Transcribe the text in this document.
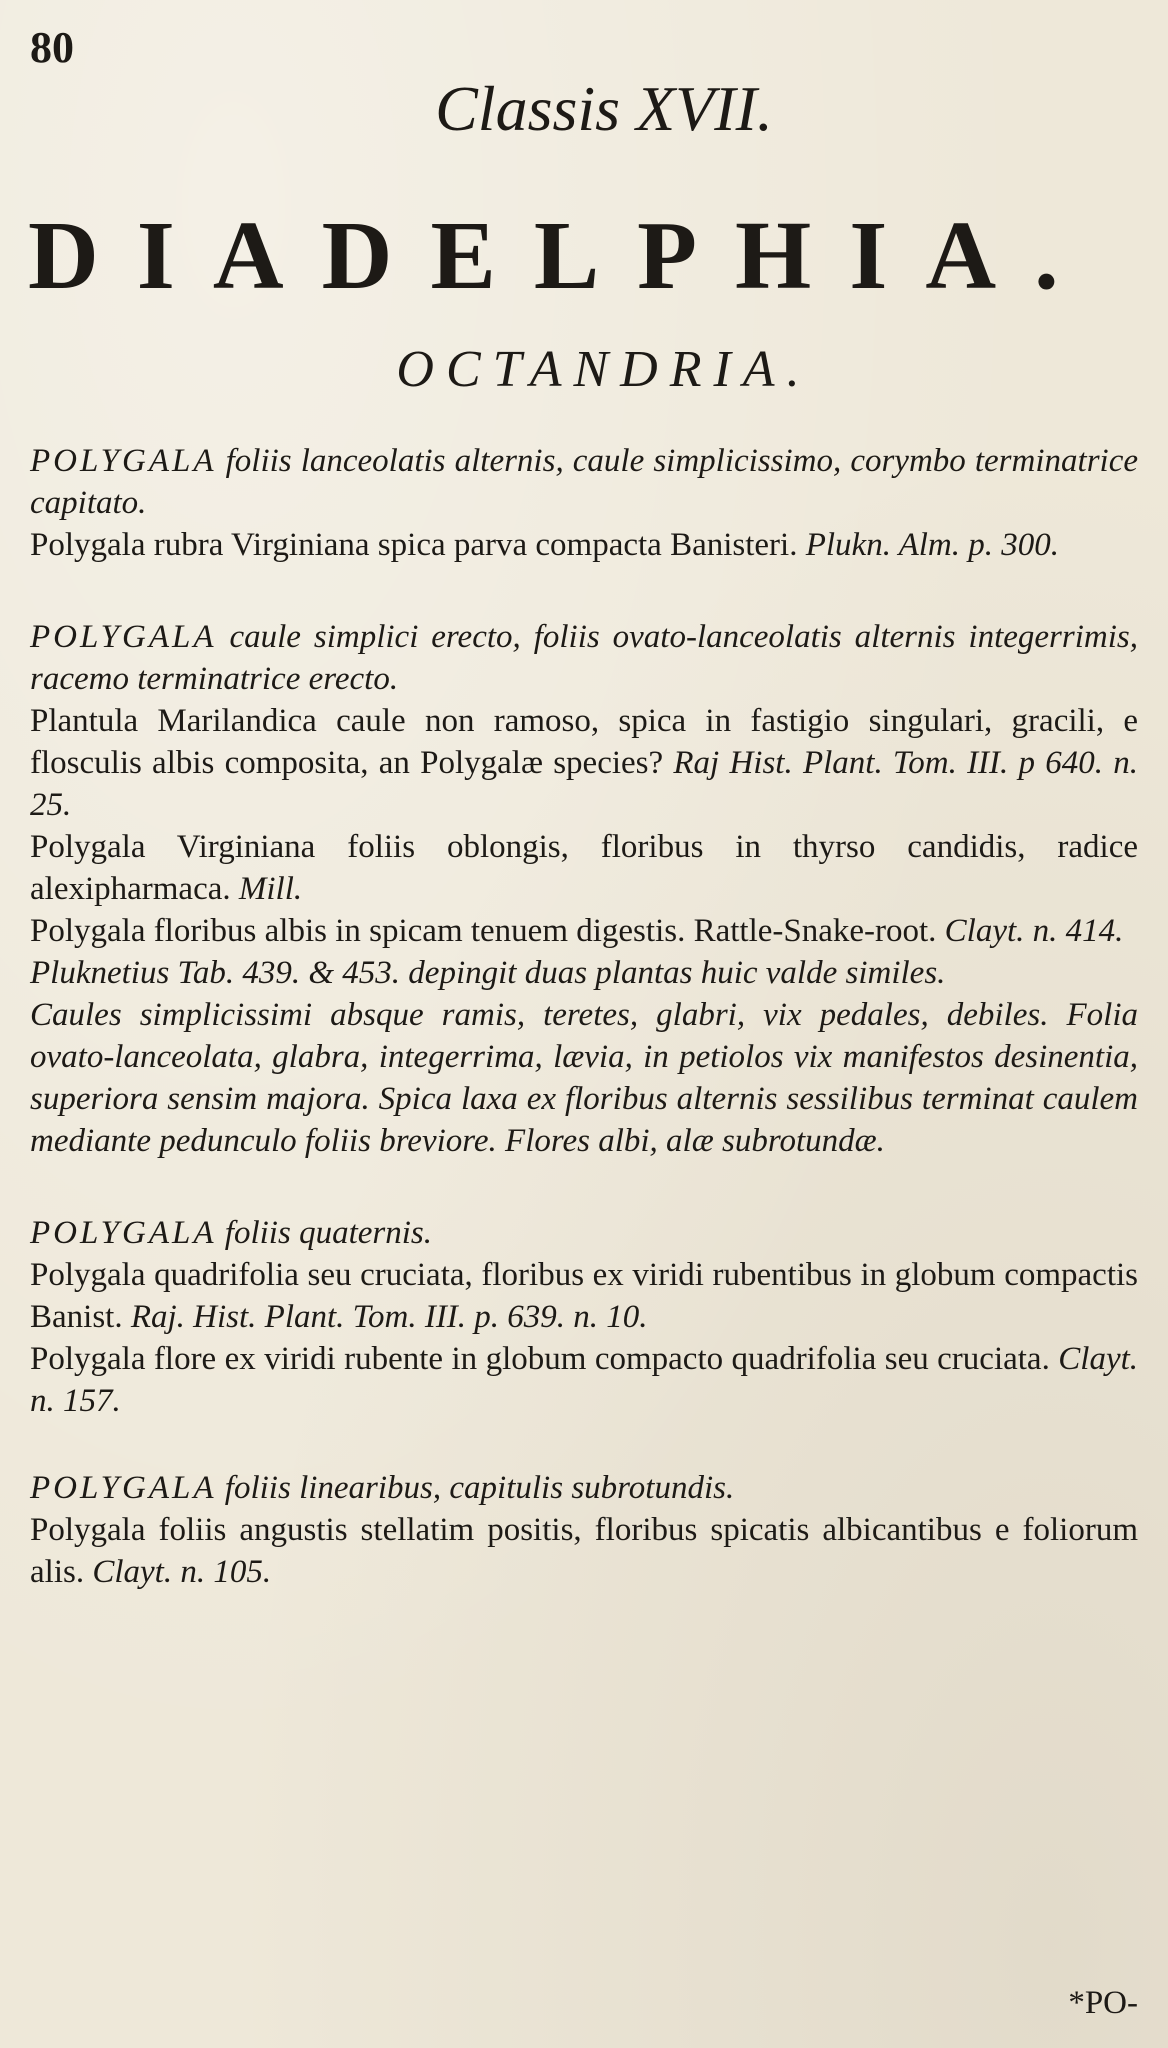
80
Classis XVII.
DIADELPHIA.
OCTANDRIA.

POLYGALA foliis lanceolatis alternis, caule simplicissimo, corymbo terminatrice capitato.

Polygala rubra Virginiana spica parva compacta Banisteri. Plukn. Alm. p. 300.

POLYGALA caule simplici erecto, foliis ovato-lanceolatis alternis integerrimis, racemo terminatrice erecto.

Plantula Marilandica caule non ramoso, spica in fastigio singulari, gracili, e flosculis albis composita, an Polygalæ species? Raj Hist. Plant. Tom. III. p 640. n. 25.

Polygala Virginiana foliis oblongis, floribus in thyrso candidis, radice alexipharmaca. Mill.

Polygala floribus albis in spicam tenuem digestis. Rattle-Snake-root. Clayt. n. 414.

Pluknetius Tab. 439. & 453. depingit duas plantas huic valde similes.

Caules simplicissimi absque ramis, teretes, glabri, vix pedales, debiles. Folia ovato-lanceolata, glabra, integerrima, lævia, in petiolos vix manifestos desinentia, superiora sensim majora. Spica laxa ex floribus alternis sessilibus terminat caulem mediante pedunculo foliis breviore. Flores albi, alæ subrotundæ.

POLYGALA foliis quaternis.

Polygala quadrifolia seu cruciata, floribus ex viridi rubentibus in globum compactis Banist. Raj. Hist. Plant. Tom. III. p. 639. n. 10.

Polygala flore ex viridi rubente in globum compacto quadrifolia seu cruciata. Clayt. n. 157.

POLYGALA foliis linearibus, capitulis subrotundis.

Polygala foliis angustis stellatim positis, floribus spicatis albicantibus e foliorum alis. Clayt. n. 105.

*PO-
